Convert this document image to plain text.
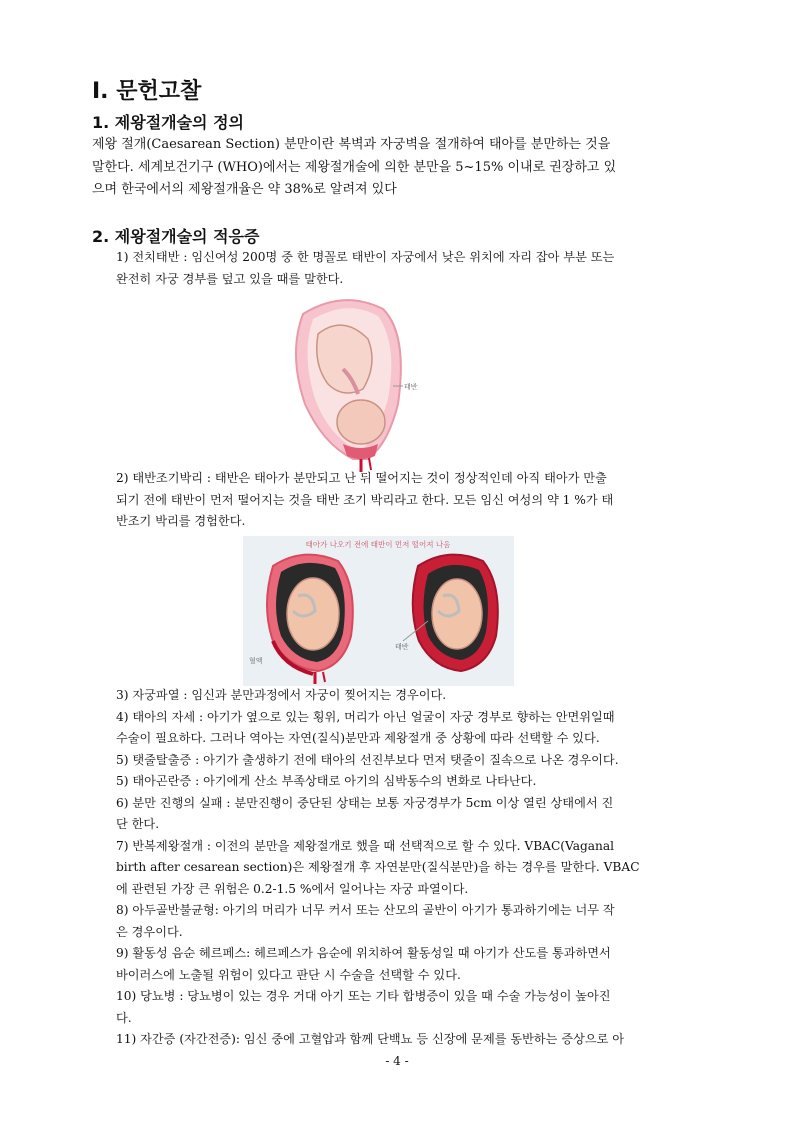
Ⅰ. 문헌고찰
1. 제왕절개술의 정의
제왕 절개(Caesarean Section) 분만이란 복벽과 자궁벽을 절개하여 태아를 분만하는 것을
말한다. 세계보건기구 (WHO)에서는 제왕절개술에 의한 분만을 5~15% 이내로 권장하고 있
으며 한국에서의 제왕절개율은 약 38%로 알려져 있다
2. 제왕절개술의 적응증
1) 전치태반 : 임신여성 200명 중 한 명꼴로 태반이 자궁에서 낮은 위치에 자리 잡아 부분 또는
완전히 자궁 경부를 덮고 있을 때를 말한다.
태반
2) 태반조기박리 : 태반은 태아가 분만되고 난 뒤 떨어지는 것이 정상적인데 아직 태아가 만출
되기 전에 태반이 먼저 떨어지는 것을 태반 조기 박리라고 한다. 모든 임신 여성의 약 1 %가 태
반조기 박리를 경험한다.
태아가 나오기 전에 태반이 먼저 떨어져 나옴
혈액
태반
3) 자궁파열 : 임신과 분만과정에서 자궁이 찢어지는 경우이다.
4) 태아의 자세 : 아기가 옆으로 있는 횡위, 머리가 아닌 얼굴이 자궁 경부로 향하는 안면위일때
수술이 필요하다. 그러나 역아는 자연(질식)분만과 제왕절개 중 상황에 따라 선택할 수 있다.
5) 탯줄탈출증 : 아기가 출생하기 전에 태아의 선진부보다 먼저 탯줄이 질속으로 나온 경우이다.
5) 태아곤란증 : 아기에게 산소 부족상태로 아기의 심박동수의 변화로 나타난다.
6) 분만 진행의 실패 : 분만진행이 중단된 상태는 보통 자궁경부가 5cm 이상 열린 상태에서 진
단 한다.
7) 반복제왕절개 : 이전의 분만을 제왕절개로 했을 때 선택적으로 할 수 있다. VBAC(Vaganal
birth after cesarean section)은 제왕절개 후 자연분만(질식분만)을 하는 경우를 말한다. VBAC
에 관련된 가장 큰 위험은 0.2-1.5 %에서 일어나는 자궁 파열이다.
8) 아두골반불균형: 아기의 머리가 너무 커서 또는 산모의 골반이 아기가 통과하기에는 너무 작
은 경우이다.
9) 활동성 음순 헤르페스: 헤르페스가 음순에 위치하여 활동성일 때 아기가 산도를 통과하면서
바이러스에 노출될 위험이 있다고 판단 시 수술을 선택할 수 있다.
10) 당뇨병 : 당뇨병이 있는 경우 거대 아기 또는 기타 합병증이 있을 때 수술 가능성이 높아진
다.
11) 자간증 (자간전증): 임신 중에 고혈압과 함께 단백뇨 등 신장에 문제를 동반하는 증상으로 아
- 4 -
